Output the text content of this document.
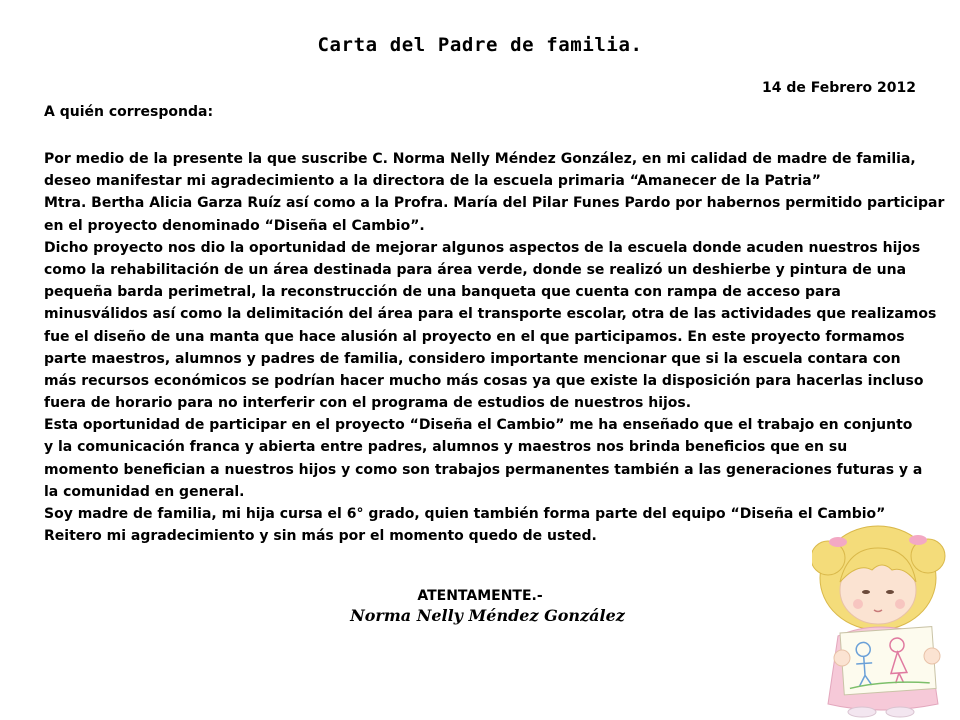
Carta del Padre de familia.
14 de Febrero 2012
A quién corresponda:
Por medio de la presente la que suscribe C. Norma Nelly Méndez González, en mi calidad de madre de familia,
deseo manifestar mi agradecimiento a la directora de la escuela primaria “Amanecer de la Patria”
Mtra. Bertha Alicia Garza Ruíz así como a la Profra. María del Pilar Funes Pardo por habernos permitido participar
en el proyecto denominado “Diseña el Cambio”.
Dicho proyecto nos dio la oportunidad de mejorar algunos aspectos de la escuela donde acuden nuestros hijos
como la rehabilitación de un área destinada para área verde, donde se realizó un deshierbe y pintura de una
pequeña barda perimetral, la reconstrucción de una banqueta que cuenta con rampa de acceso para
minusválidos así como la delimitación del área para el transporte escolar, otra de las actividades que realizamos
fue el diseño de una manta que hace alusión al proyecto en el que participamos. En este proyecto formamos
parte maestros, alumnos y padres de familia, considero importante mencionar que si la escuela contara con
más recursos económicos se podrían hacer mucho más cosas ya que existe la disposición para hacerlas incluso
fuera de horario para no interferir con el programa de estudios de nuestros hijos.
Esta oportunidad de participar en el proyecto “Diseña el Cambio” me ha enseñado que el trabajo en conjunto
y la comunicación franca y abierta entre padres, alumnos y maestros nos brinda beneficios que en su
momento benefician a nuestros hijos y como son trabajos permanentes también a las generaciones futuras y a
la comunidad en general.
Soy madre de familia, mi hija cursa el 6° grado, quien también forma parte del equipo “Diseña el Cambio”
Reitero mi agradecimiento y sin más por el momento quedo de usted.
ATENTAMENTE.-
Norma Nelly Méndez González
